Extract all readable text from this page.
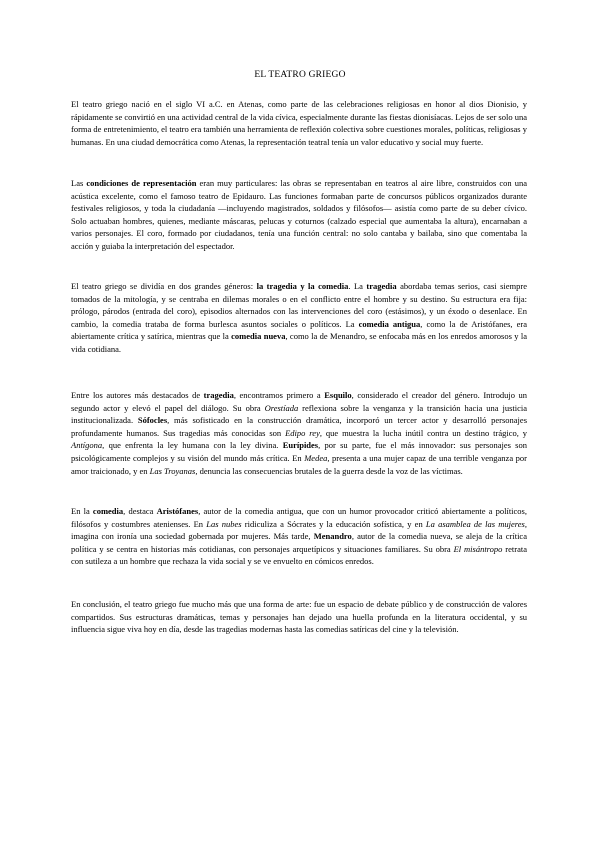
EL TEATRO GRIEGO

El teatro griego nació en el siglo VI a.C. en Atenas, como parte de las celebraciones religiosas en honor al dios Dionisio, y rápidamente se convirtió en una actividad central de la vida cívica, especialmente durante las fiestas dionisíacas. Lejos de ser solo una forma de entretenimiento, el teatro era también una herramienta de reflexión colectiva sobre cuestiones morales, políticas, religiosas y humanas. En una ciudad democrática como Atenas, la representación teatral tenía un valor educativo y social muy fuerte.

Las condiciones de representación eran muy particulares: las obras se representaban en teatros al aire libre, construidos con una acústica excelente, como el famoso teatro de Epidauro. Las funciones formaban parte de concursos públicos organizados durante festivales religiosos, y toda la ciudadanía —incluyendo magistrados, soldados y filósofos— asistía como parte de su deber cívico. Solo actuaban hombres, quienes, mediante máscaras, pelucas y coturnos (calzado especial que aumentaba la altura), encarnaban a varios personajes. El coro, formado por ciudadanos, tenía una función central: no solo cantaba y bailaba, sino que comentaba la acción y guiaba la interpretación del espectador.

El teatro griego se dividía en dos grandes géneros: la tragedia y la comedia. La tragedia abordaba temas serios, casi siempre tomados de la mitología, y se centraba en dilemas morales o en el conflicto entre el hombre y su destino. Su estructura era fija: prólogo, párodos (entrada del coro), episodios alternados con las intervenciones del coro (estásimos), y un éxodo o desenlace. En cambio, la comedia trataba de forma burlesca asuntos sociales o políticos. La comedia antigua, como la de Aristófanes, era abiertamente crítica y satírica, mientras que la comedia nueva, como la de Menandro, se enfocaba más en los enredos amorosos y la vida cotidiana.

Entre los autores más destacados de tragedia, encontramos primero a Esquilo, considerado el creador del género. Introdujo un segundo actor y elevó el papel del diálogo. Su obra Orestíada reflexiona sobre la venganza y la transición hacia una justicia institucionalizada. Sófocles, más sofisticado en la construcción dramática, incorporó un tercer actor y desarrolló personajes profundamente humanos. Sus tragedias más conocidas son Edipo rey, que muestra la lucha inútil contra un destino trágico, y Antígona, que enfrenta la ley humana con la ley divina. Eurípides, por su parte, fue el más innovador: sus personajes son psicológicamente complejos y su visión del mundo más crítica. En Medea, presenta a una mujer capaz de una terrible venganza por amor traicionado, y en Las Troyanas, denuncia las consecuencias brutales de la guerra desde la voz de las víctimas.

En la comedia, destaca Aristófanes, autor de la comedia antigua, que con un humor provocador criticó abiertamente a políticos, filósofos y costumbres atenienses. En Las nubes ridiculiza a Sócrates y la educación sofística, y en La asamblea de las mujeres, imagina con ironía una sociedad gobernada por mujeres. Más tarde, Menandro, autor de la comedia nueva, se aleja de la crítica política y se centra en historias más cotidianas, con personajes arquetípicos y situaciones familiares. Su obra El misántropo retrata con sutileza a un hombre que rechaza la vida social y se ve envuelto en cómicos enredos.

En conclusión, el teatro griego fue mucho más que una forma de arte: fue un espacio de debate público y de construcción de valores compartidos. Sus estructuras dramáticas, temas y personajes han dejado una huella profunda en la literatura occidental, y su influencia sigue viva hoy en día, desde las tragedias modernas hasta las comedias satíricas del cine y la televisión.
